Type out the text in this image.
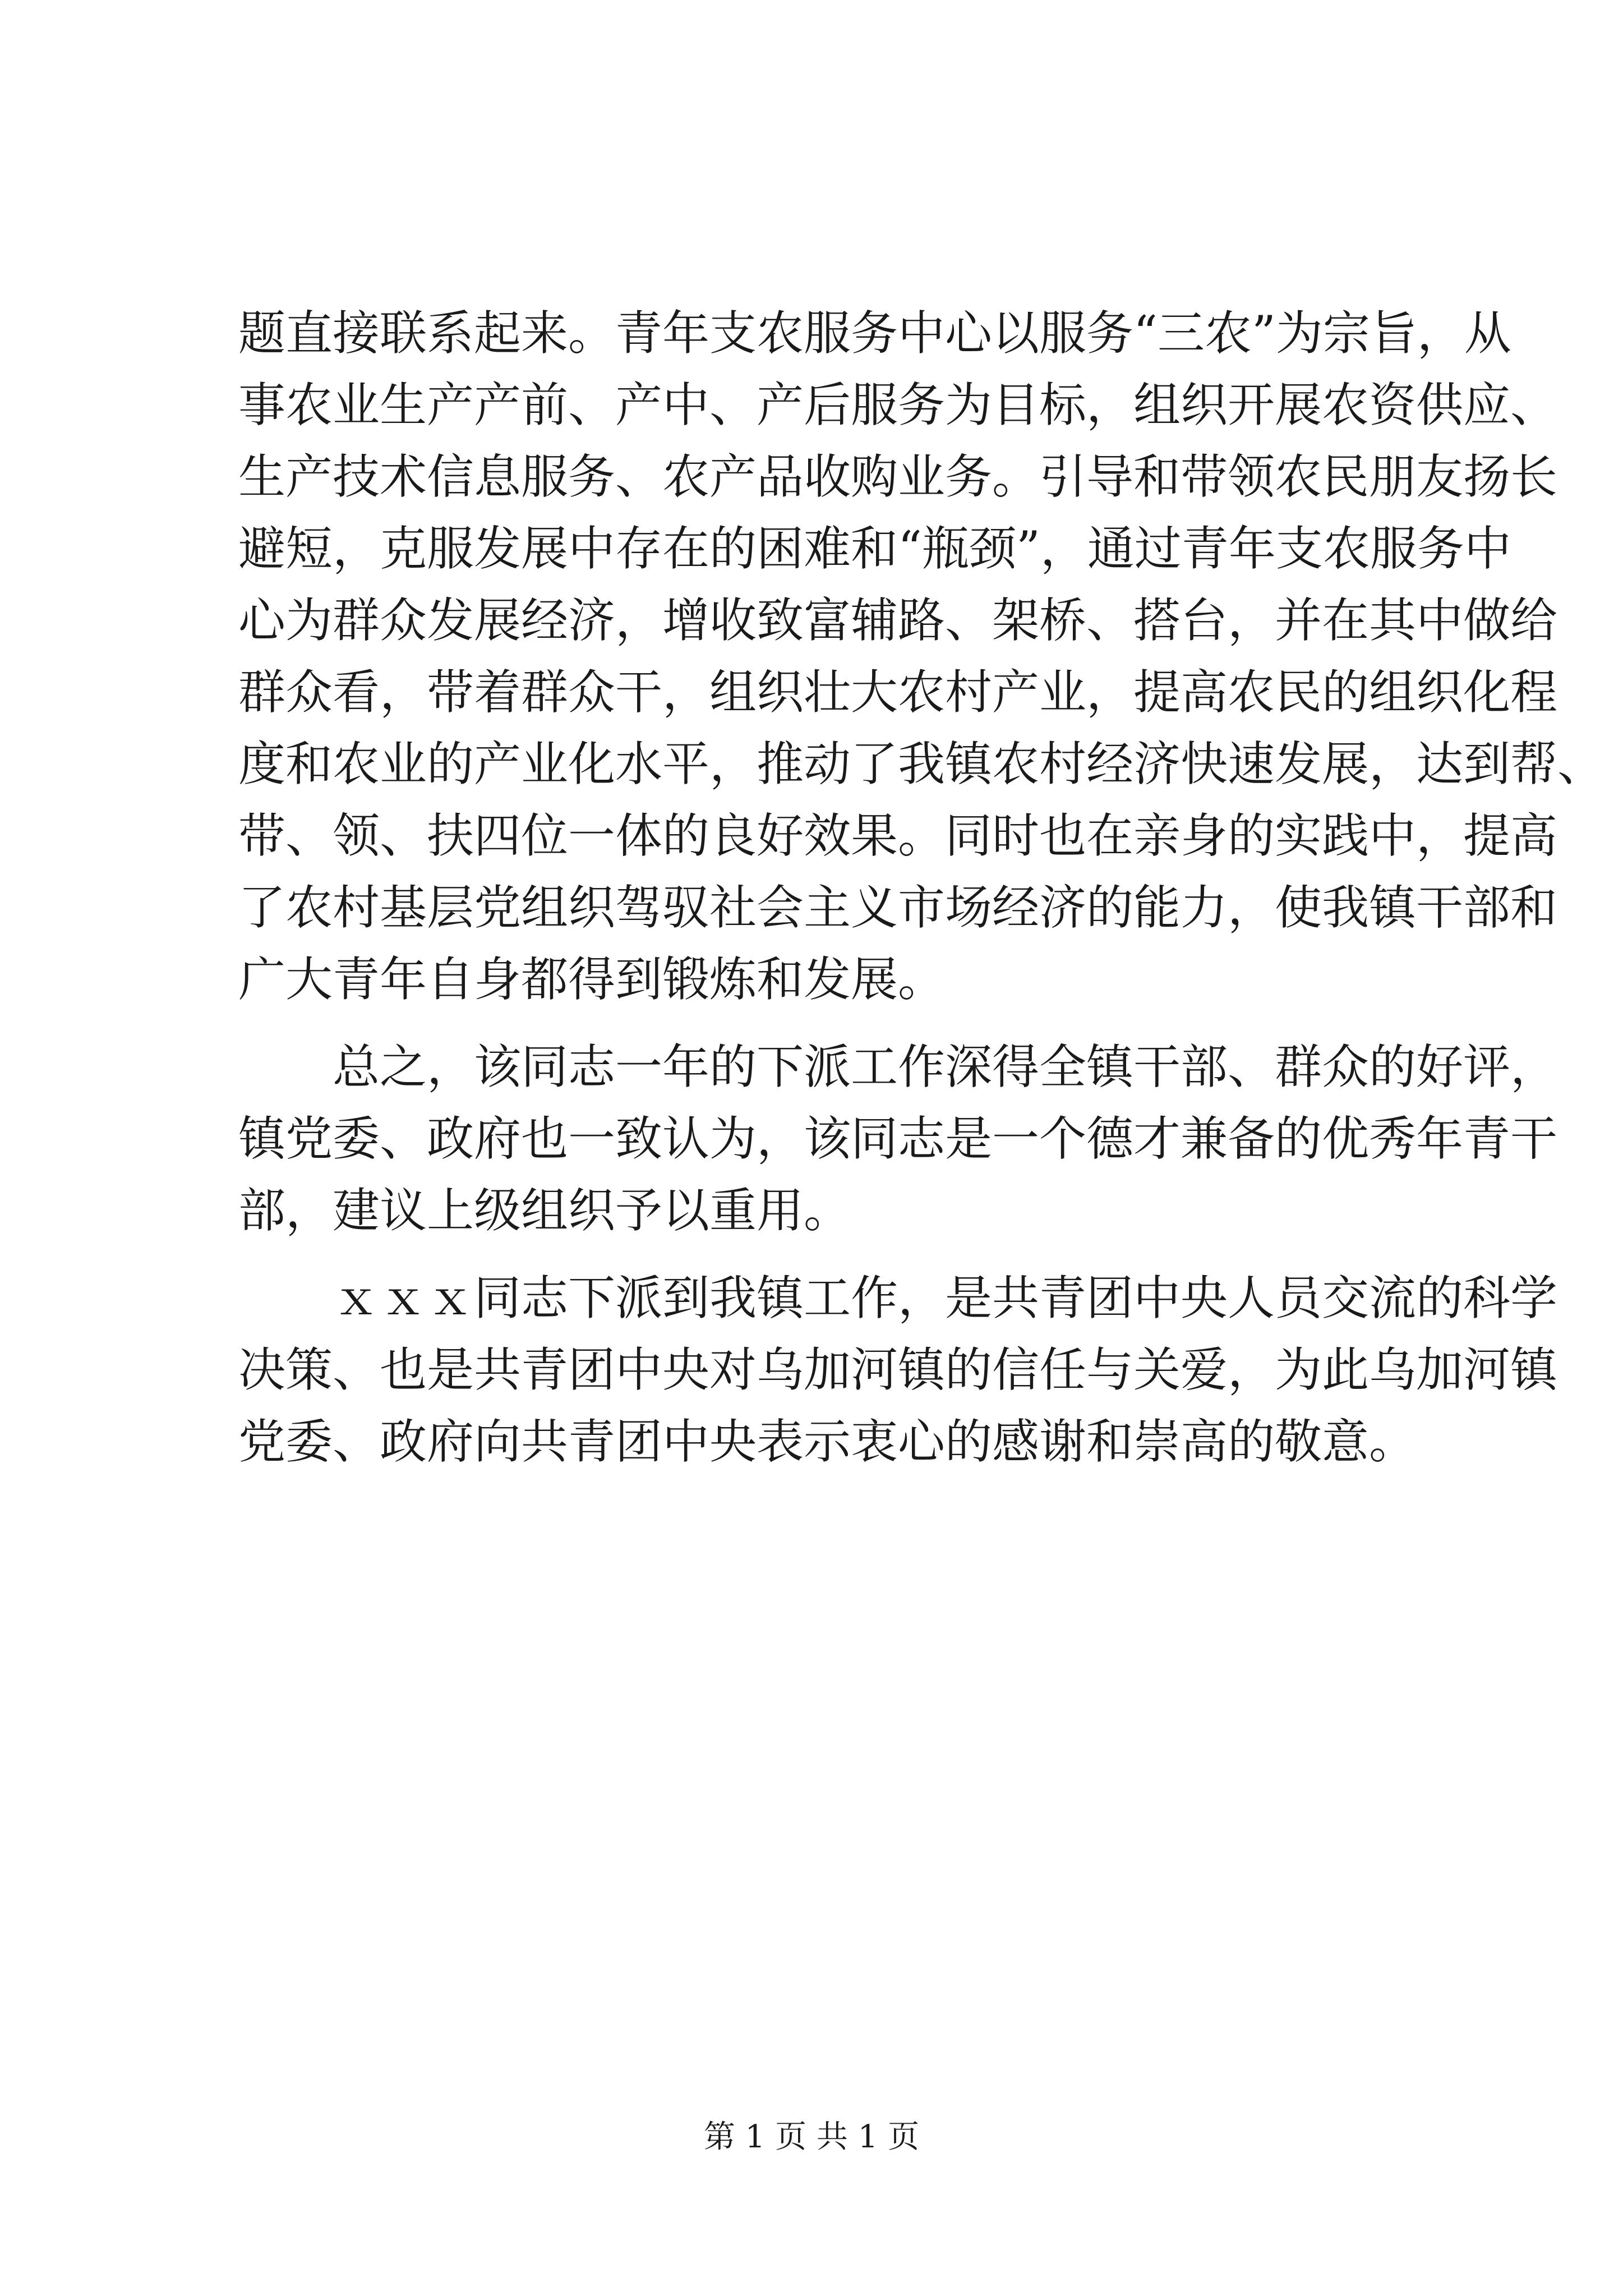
题直接联系起来。青年支农服务中心以服务“三农”为宗旨，从
事农业生产产前、产中、产后服务为目标，组织开展农资供应、
生产技术信息服务、农产品收购业务。引导和带领农民朋友扬长
避短，克服发展中存在的困难和“瓶颈”，通过青年支农服务中
心为群众发展经济，增收致富辅路、架桥、搭台，并在其中做给
群众看，带着群众干，组织壮大农村产业，提高农民的组织化程
度和农业的产业化水平，推动了我镇农村经济快速发展，达到帮、
带、领、扶四位一体的良好效果。同时也在亲身的实践中，提高
了农村基层党组织驾驭社会主义市场经济的能力，使我镇干部和
广大青年自身都得到锻炼和发展。
总之，该同志一年的下派工作深得全镇干部、群众的好评，
镇党委、政府也一致认为，该同志是一个德才兼备的优秀年青干
部，建议上级组织予以重用。
ｘｘｘ同志下派到我镇工作，是共青团中央人员交流的科学
决策、也是共青团中央对乌加河镇的信任与关爱，为此乌加河镇
党委、政府向共青团中央表示衷心的感谢和崇高的敬意。
第 1 页 共 1 页
